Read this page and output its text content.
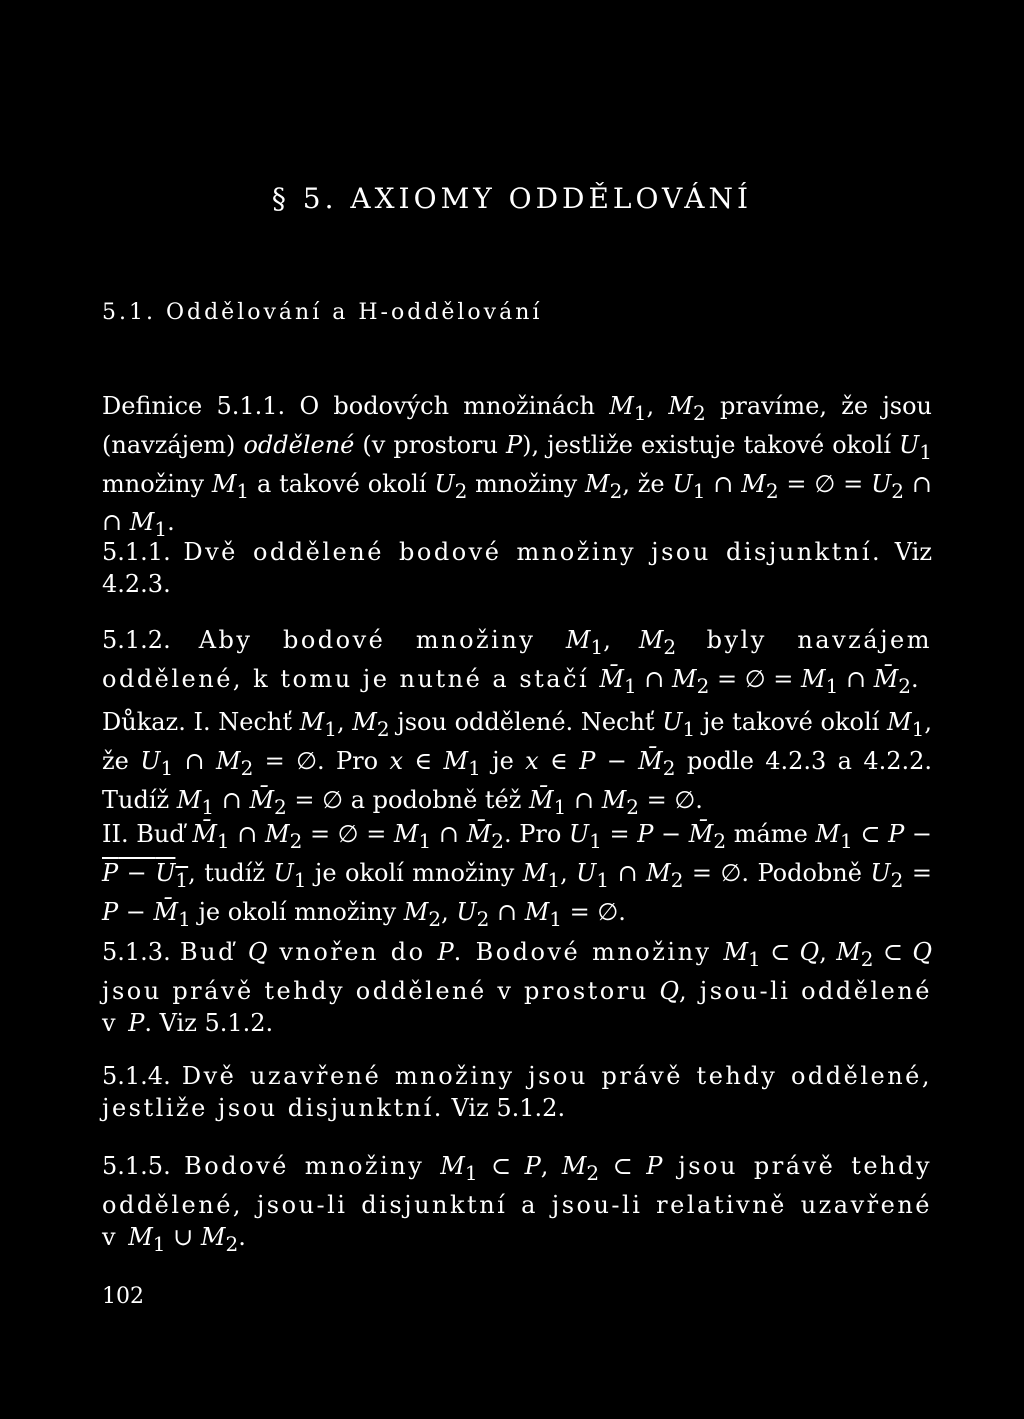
§ 5. AXIOMY ODDĚLOVÁNÍ
5.1. Oddělování a H-oddělování
Definice 5.1.1. O bodových množinách $M_1$, $M_2$ pravíme, že jsou (navzájem) oddělené (v prostoru P), jestliže existuje takové okolí $U_1$ množiny $M_1$ a takové okolí $U_2$ množiny $M_2$, že $U_1$ ∩ $M_2$ = ∅ = $U_2$ ∩ ∩ $M_1$.
5.1.1. Dvě oddělené bodové množiny jsou disjunktní. Viz 4.2.3.
5.1.2. Aby bodové množiny $M_1$, $M_2$ byly navzájem oddělené, k tomu je nutné a stačí $M̄_1$ ∩ $M_2$ = ∅ = $M_1$ ∩ $M̄_2$.
Důkaz. I. Nechť $M_1$, $M_2$ jsou oddělené. Nechť $U_1$ je takové okolí $M_1$, že $U_1$ ∩ $M_2$ = ∅. Pro x ∈ $M_1$ je x ∈ $P - M̄_2$ podle 4.2.3 a 4.2.2. Tudíž $M_1$ ∩ $M̄_2$ = ∅ a podobně též $M̄_1$ ∩ $M_2$ = ∅.
II. Buď $M̄_1$ ∩ $M_2$ = ∅ = $M_1$ ∩ $M̄_2$. Pro $U_1 = P$ − $M̄_2$ máme $M_1$ ⊂ $P - P - U_1$, tudíž $U_1$ je okolí množiny $M_1$, $U_1$ ∩ $M_2$ = ∅. Podobně $U_2 = P$ − $M̄_1$ je okolí množiny $M_2$, $U_2$ ∩ $M_1$ = ∅.
5.1.3. Buď Q vnořen do P. Bodové množiny $M_1$ ⊂ Q, $M_2$ ⊂ Q jsou právě tehdy oddělené v prostoru Q, jsou-li oddělené v P. Viz 5.1.2.
5.1.4. Dvě uzavřené množiny jsou právě tehdy oddělené, jestliže jsou disjunktní. Viz 5.1.2.
5.1.5. Bodové množiny $M_1$ ⊂ P, $M_2$ ⊂ P jsou právě tehdy oddělené, jsou-li disjunktní a jsou-li relativně uzavřené v $M_1$ ∪ $M_2$.
102
